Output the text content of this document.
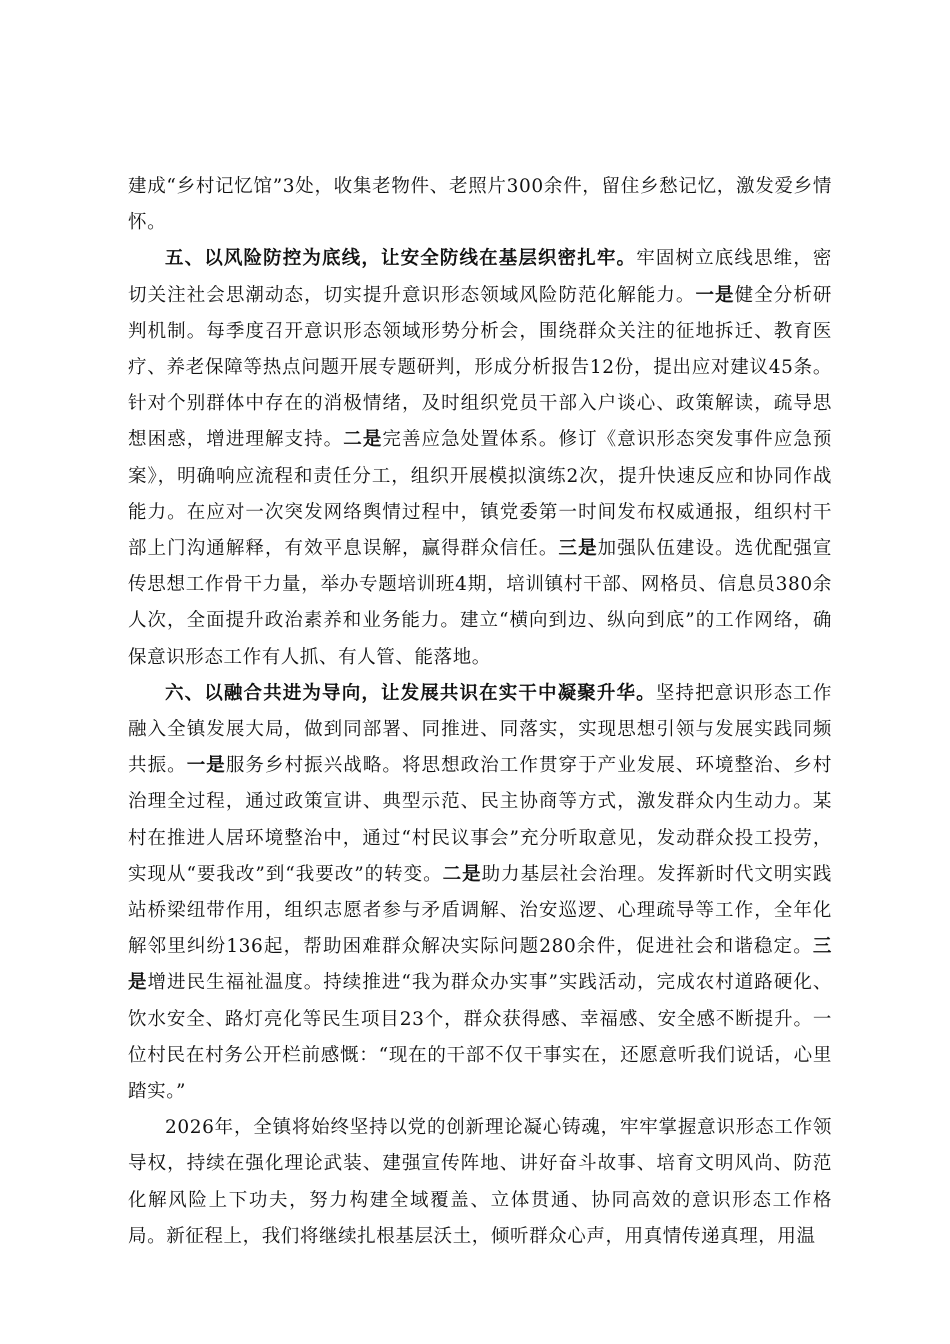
建成“乡村记忆馆”3处，收集老物件、老照片300余件，留住乡愁记忆，激发爱乡情怀。

五、以风险防控为底线，让安全防线在基层织密扎牢。牢固树立底线思维，密切关注社会思潮动态，切实提升意识形态领域风险防范化解能力。一是健全分析研判机制。每季度召开意识形态领域形势分析会，围绕群众关注的征地拆迁、教育医疗、养老保障等热点问题开展专题研判，形成分析报告12份，提出应对建议45条。针对个别群体中存在的消极情绪，及时组织党员干部入户谈心、政策解读，疏导思想困惑，增进理解支持。二是完善应急处置体系。修订《意识形态突发事件应急预案》，明确响应流程和责任分工，组织开展模拟演练2次，提升快速反应和协同作战能力。在应对一次突发网络舆情过程中，镇党委第一时间发布权威通报，组织村干部上门沟通解释，有效平息误解，赢得群众信任。三是加强队伍建设。选优配强宣传思想工作骨干力量，举办专题培训班4期，培训镇村干部、网格员、信息员380余人次，全面提升政治素养和业务能力。建立“横向到边、纵向到底”的工作网络，确保意识形态工作有人抓、有人管、能落地。

六、以融合共进为导向，让发展共识在实干中凝聚升华。坚持把意识形态工作融入全镇发展大局，做到同部署、同推进、同落实，实现思想引领与发展实践同频共振。一是服务乡村振兴战略。将思想政治工作贯穿于产业发展、环境整治、乡村治理全过程，通过政策宣讲、典型示范、民主协商等方式，激发群众内生动力。某村在推进人居环境整治中，通过“村民议事会”充分听取意见，发动群众投工投劳，实现从“要我改”到“我要改”的转变。二是助力基层社会治理。发挥新时代文明实践站桥梁纽带作用，组织志愿者参与矛盾调解、治安巡逻、心理疏导等工作，全年化解邻里纠纷136起，帮助困难群众解决实际问题280余件，促进社会和谐稳定。三是增进民生福祉温度。持续推进“我为群众办实事”实践活动，完成农村道路硬化、饮水安全、路灯亮化等民生项目23个，群众获得感、幸福感、安全感不断提升。一位村民在村务公开栏前感慨：“现在的干部不仅干事实在，还愿意听我们说话，心里踏实。”

2026年，全镇将始终坚持以党的创新理论凝心铸魂，牢牢掌握意识形态工作领导权，持续在强化理论武装、建强宣传阵地、讲好奋斗故事、培育文明风尚、防范化解风险上下功夫，努力构建全域覆盖、立体贯通、协同高效的意识形态工作格局。新征程上，我们将继续扎根基层沃土，倾听群众心声，用真情传递真理，用温
